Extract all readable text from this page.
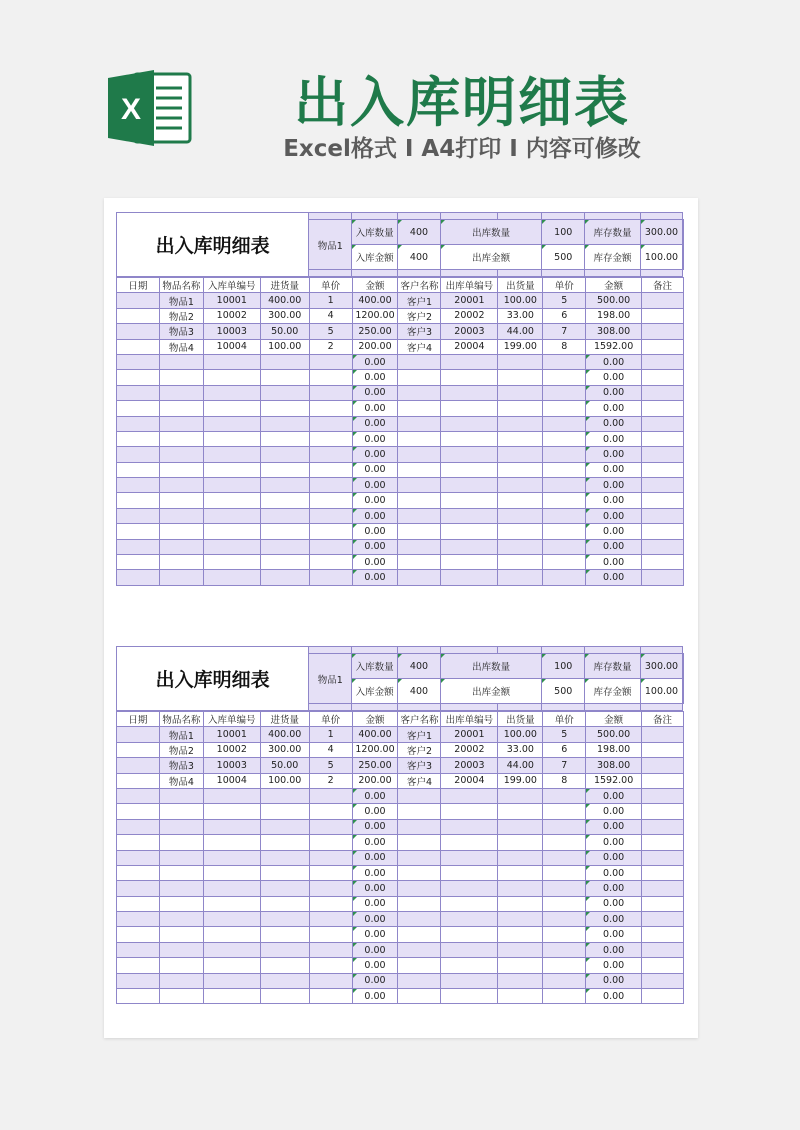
X	出入库明细表
Excel格式 I A4打印 I 内容可修改
出入库明细表									
	物品1	入库数量	400	出库数量		100	库存数量	300.00	
		入库金额	400	出库金额		500	库存金额	100.00	

日期	物品名称	入库单编号	进货量	单价	金额	客户名称	出库单编号	出货量	单价	金额	备注
	物品1	10001	400.00	1	400.00	客户1	20001	100.00	5	500.00	
	物品2	10002	300.00	4	1200.00	客户2	20002	33.00	6	198.00	
	物品3	10003	50.00	5	250.00	客户3	20003	44.00	7	308.00	
	物品4	10004	100.00	2	200.00	客户4	20004	199.00	8	1592.00	
					0.00					0.00	
					0.00					0.00	
					0.00					0.00	
					0.00					0.00	
					0.00					0.00	
					0.00					0.00	
					0.00					0.00	
					0.00					0.00	
					0.00					0.00	
					0.00					0.00	
					0.00					0.00	
					0.00					0.00	
					0.00					0.00	
					0.00					0.00	
					0.00					0.00	
出入库明细表									
	物品1	入库数量	400	出库数量		100	库存数量	300.00	
		入库金额	400	出库金额		500	库存金额	100.00	

日期	物品名称	入库单编号	进货量	单价	金额	客户名称	出库单编号	出货量	单价	金额	备注
	物品1	10001	400.00	1	400.00	客户1	20001	100.00	5	500.00	
	物品2	10002	300.00	4	1200.00	客户2	20002	33.00	6	198.00	
	物品3	10003	50.00	5	250.00	客户3	20003	44.00	7	308.00	
	物品4	10004	100.00	2	200.00	客户4	20004	199.00	8	1592.00	
					0.00					0.00	
					0.00					0.00	
					0.00					0.00	
					0.00					0.00	
					0.00					0.00	
					0.00					0.00	
					0.00					0.00	
					0.00					0.00	
					0.00					0.00	
					0.00					0.00	
					0.00					0.00	
					0.00					0.00	
					0.00					0.00	
					0.00					0.00	
